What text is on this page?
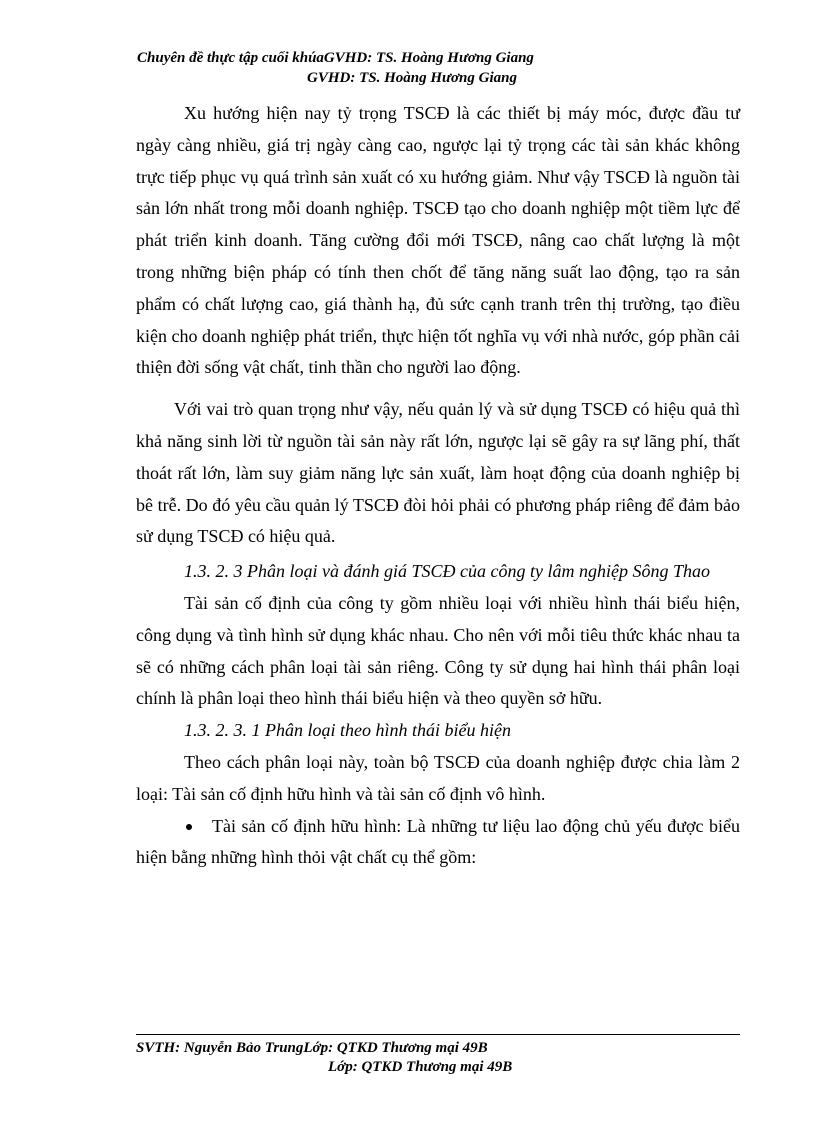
Chuyên đề thực tập cuối khúaGVHD: TS. Hoàng Hương Giang
GVHD: TS. Hoàng Hương Giang

Xu hướng hiện nay tỷ trọng TSCĐ là các thiết bị máy móc, được đầu tư ngày càng nhiều, giá trị ngày càng cao, ngược lại tỷ trọng các tài sản khác không trực tiếp phục vụ quá trình sản xuất có xu hướng giảm. Như vậy TSCĐ là nguồn tài sản lớn nhất trong mỗi doanh nghiệp. TSCĐ tạo cho doanh nghiệp một tiềm lực để phát triển kinh doanh. Tăng cường đổi mới TSCĐ, nâng cao chất lượng là một trong những biện pháp có tính then chốt để tăng năng suất lao động, tạo ra sản phẩm có chất lượng cao, giá thành hạ, đủ sức cạnh tranh trên thị trường, tạo điều kiện cho doanh nghiệp phát triển, thực hiện tốt nghĩa vụ với nhà nước, góp phần cải thiện đời sống vật chất, tinh thần cho người lao động.

Với vai trò quan trọng như vậy, nếu quản lý và sử dụng TSCĐ có hiệu quả thì khả năng sinh lời từ nguồn tài sản này rất lớn, ngược lại sẽ gây ra sự lãng phí, thất thoát rất lớn, làm suy giảm năng lực sản xuất, làm hoạt động của doanh nghiệp bị bê trễ. Do đó yêu cầu quản lý TSCĐ đòi hỏi phải có phương pháp riêng để đảm bảo sử dụng TSCĐ có hiệu quả.

1.3. 2. 3 Phân loại và đánh giá TSCĐ của công ty lâm nghiệp Sông Thao

Tài sản cố định của công ty gồm nhiều loại với nhiều hình thái biểu hiện, công dụng và tình hình sử dụng khác nhau. Cho nên với mỗi tiêu thức khác nhau ta sẽ có những cách phân loại tài sản riêng. Công ty sử dụng hai hình thái phân loại chính là phân loại theo hình thái biểu hiện và theo quyền sở hữu.

1.3. 2. 3. 1 Phân loại theo hình thái biểu hiện

Theo cách phân loại này, toàn bộ TSCĐ của doanh nghiệp được chia làm 2 loại: Tài sản cố định hữu hình và tài sản cố định vô hình.

Tài sản cố định hữu hình: Là những tư liệu lao động chủ yếu được biểu hiện bằng những hình thỏi vật chất cụ thể gồm:

SVTH: Nguyễn Bảo TrungLớp: QTKD Thương mại 49B
Lớp: QTKD Thương mại 49B
